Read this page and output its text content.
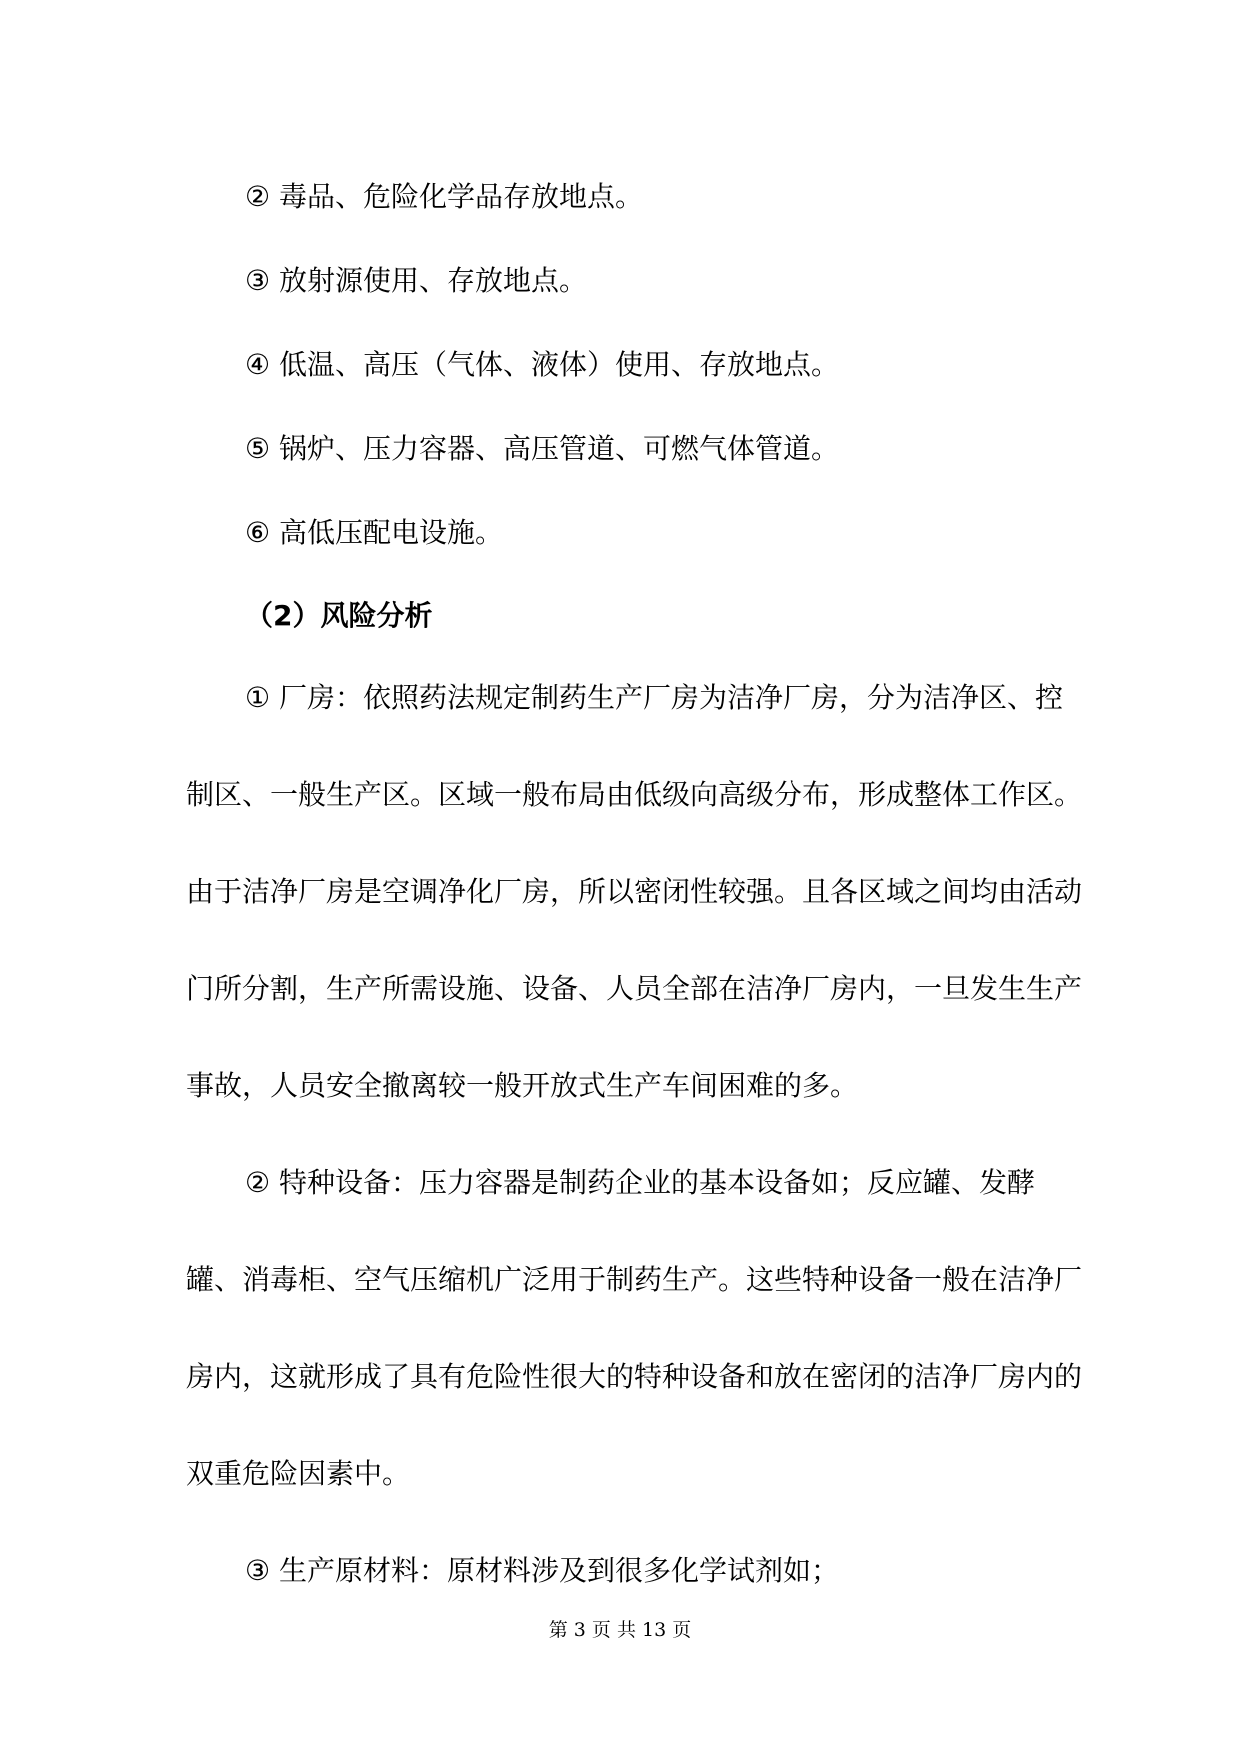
② 毒品、危险化学品存放地点。
③ 放射源使用、存放地点。
④ 低温、高压（气体、液体）使用、存放地点。
⑤ 锅炉、压力容器、高压管道、可燃气体管道。
⑥ 高低压配电设施。
（2）风险分析

① 厂房：依照药法规定制药生产厂房为洁净厂房，分为洁净区、控制区、一般生产区。区域一般布局由低级向高级分布，形成整体工作区。由于洁净厂房是空调净化厂房，所以密闭性较强。且各区域之间均由活动门所分割，生产所需设施、设备、人员全部在洁净厂房内，一旦发生生产事故，人员安全撤离较一般开放式生产车间困难的多。

② 特种设备：压力容器是制药企业的基本设备如；反应罐、发酵罐、消毒柜、空气压缩机广泛用于制药生产。这些特种设备一般在洁净厂房内，这就形成了具有危险性很大的特种设备和放在密闭的洁净厂房内的双重危险因素中。

③ 生产原材料：原材料涉及到很多化学试剂如；

第 3 页 共 13 页
